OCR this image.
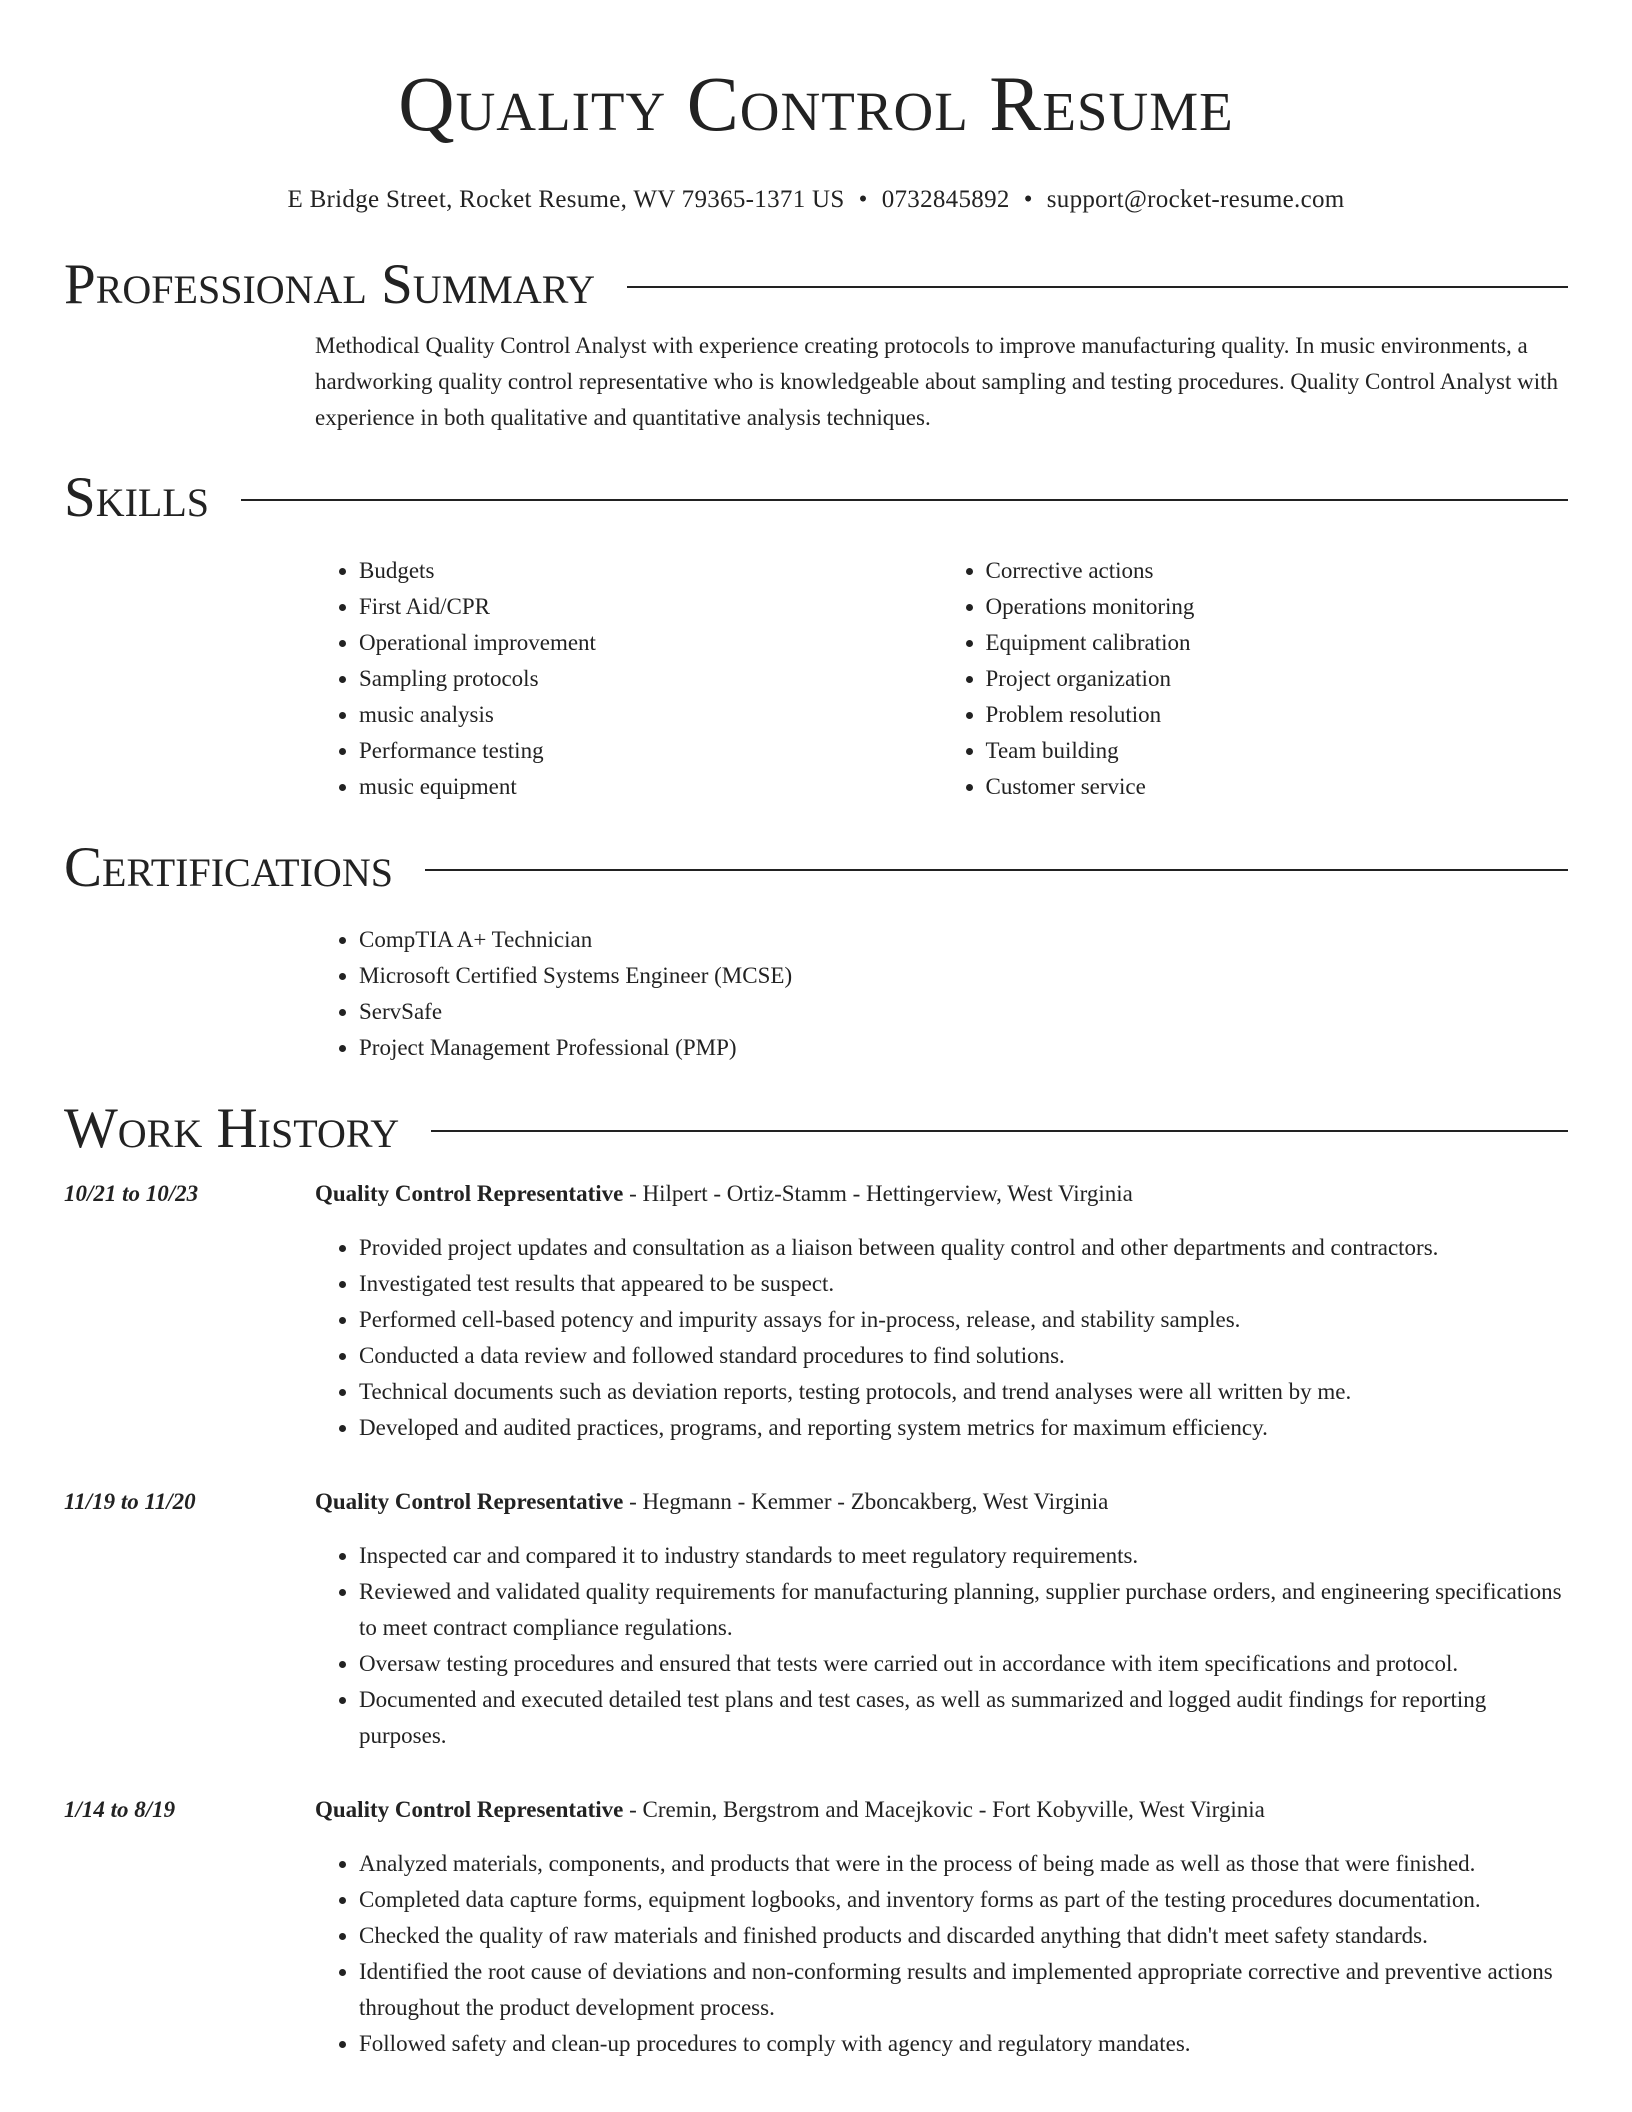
Quality Control Resume
E Bridge Street, Rocket Resume, WV 79365-1371 US • 0732845892 • support@rocket-resume.com
Professional Summary
Methodical Quality Control Analyst with experience creating protocols to improve manufacturing quality. In music environments, a hardworking quality control representative who is knowledgeable about sampling and testing procedures. Quality Control Analyst with experience in both qualitative and quantitative analysis techniques.
Skills
• Budgets
• First Aid/CPR
• Operational improvement
• Sampling protocols
• music analysis
• Performance testing
• music equipment
• Corrective actions
• Operations monitoring
• Equipment calibration
• Project organization
• Problem resolution
• Team building
• Customer service
Certifications
• CompTIA A+ Technician
• Microsoft Certified Systems Engineer (MCSE)
• ServSafe
• Project Management Professional (PMP)
Work History
10/21 to 10/23	Quality Control Representative - Hilpert - Ortiz-Stamm - Hettingerview, West Virginia
• Provided project updates and consultation as a liaison between quality control and other departments and contractors.
• Investigated test results that appeared to be suspect.
• Performed cell-based potency and impurity assays for in-process, release, and stability samples.
• Conducted a data review and followed standard procedures to find solutions.
• Technical documents such as deviation reports, testing protocols, and trend analyses were all written by me.
• Developed and audited practices, programs, and reporting system metrics for maximum efficiency.
11/19 to 11/20	Quality Control Representative - Hegmann - Kemmer - Zboncakberg, West Virginia
• Inspected car and compared it to industry standards to meet regulatory requirements.
• Reviewed and validated quality requirements for manufacturing planning, supplier purchase orders, and engineering specifications to meet contract compliance regulations.
• Oversaw testing procedures and ensured that tests were carried out in accordance with item specifications and protocol.
• Documented and executed detailed test plans and test cases, as well as summarized and logged audit findings for reporting purposes.
1/14 to 8/19	Quality Control Representative - Cremin, Bergstrom and Macejkovic - Fort Kobyville, West Virginia
• Analyzed materials, components, and products that were in the process of being made as well as those that were finished.
• Completed data capture forms, equipment logbooks, and inventory forms as part of the testing procedures documentation.
• Checked the quality of raw materials and finished products and discarded anything that didn't meet safety standards.
• Identified the root cause of deviations and non-conforming results and implemented appropriate corrective and preventive actions throughout the product development process.
• Followed safety and clean-up procedures to comply with agency and regulatory mandates.
